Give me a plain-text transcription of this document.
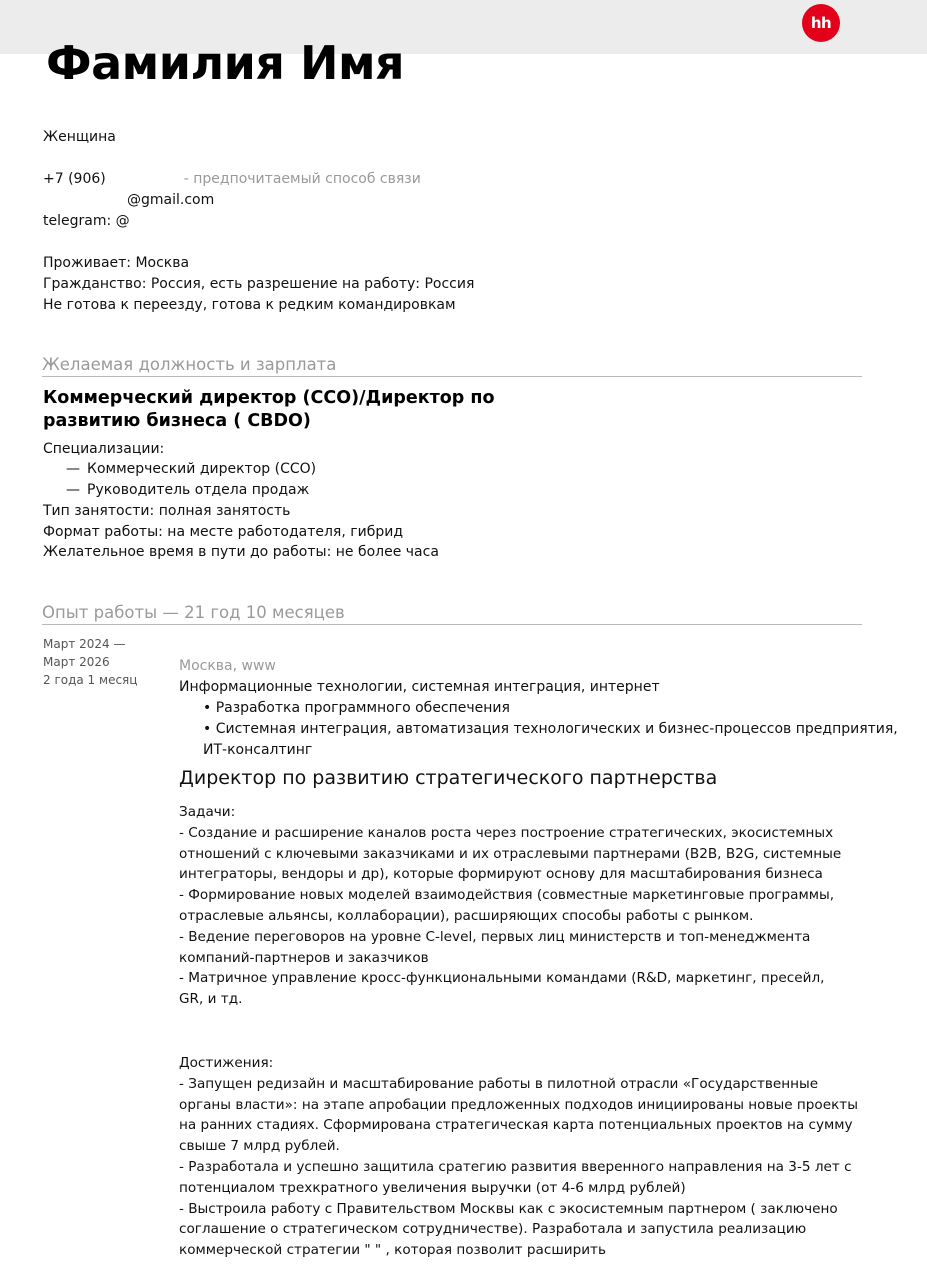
hh
Фамилия Имя
Женщина
+7 (906)	- предпочитаемый способ связи
@gmail.com
telegram: @
Проживает: Москва
Гражданство: Россия, есть разрешение на работу: Россия
Не готова к переезду, готова к редким командировкам
Желаемая должность и зарплата
Коммерческий директор (CCO)/Директор по развитию бизнеса ( CBDO)
Специализации:
— Коммерческий директор (CCO)
— Руководитель отдела продаж
Тип занятости: полная занятость
Формат работы: на месте работодателя, гибрид
Желательное время в пути до работы: не более часа
Опыт работы — 21 год 10 месяцев
Март 2024 —
Март 2026
2 года 1 месяц
Москва, www
Информационные технологии, системная интеграция, интернет
• Разработка программного обеспечения
• Системная интеграция, автоматизация технологических и бизнес-процессов предприятия,
ИТ-консалтинг
Директор по развитию стратегического партнерства
Задачи:
- Создание и расширение каналов роста через построение стратегических, экосистемных
отношений с ключевыми заказчиками и их отраслевыми партнерами (B2B, B2G, системные
интеграторы, вендоры и др), которые формируют основу для масштабирования бизнеса
- Формирование новых моделей взаимодействия (совместные маркетинговые программы,
отраслевые альянсы, коллаборации), расширяющих способы работы с рынком.
- Ведение переговоров на уровне C-level, первых лиц министерств и топ-менеджмента
компаний-партнеров и заказчиков
- Матричное управление кросс-функциональными командами (R&D, маркетинг, пресейл,
GR, и тд.
Достижения:
- Запущен редизайн и масштабирование работы в пилотной отрасли «Государственные
органы власти»: на этапе апробации предложенных подходов инициированы новые проекты
на ранних стадиях. Сформирована стратегическая карта потенциальных проектов на сумму
свыше 7 млрд рублей.
- Разработала и успешно защитила сратегию развития вверенного направления на 3-5 лет с
потенциалом трехкратного увеличения выручки (от 4-6 млрд рублей)
- Выстроила работу с Правительством Москвы как с экосистемным партнером ( заключено
соглашение о стратегическом сотрудничестве). Разработала и запустила реализацию
коммерческой стратегии " " , которая позволит расширить
